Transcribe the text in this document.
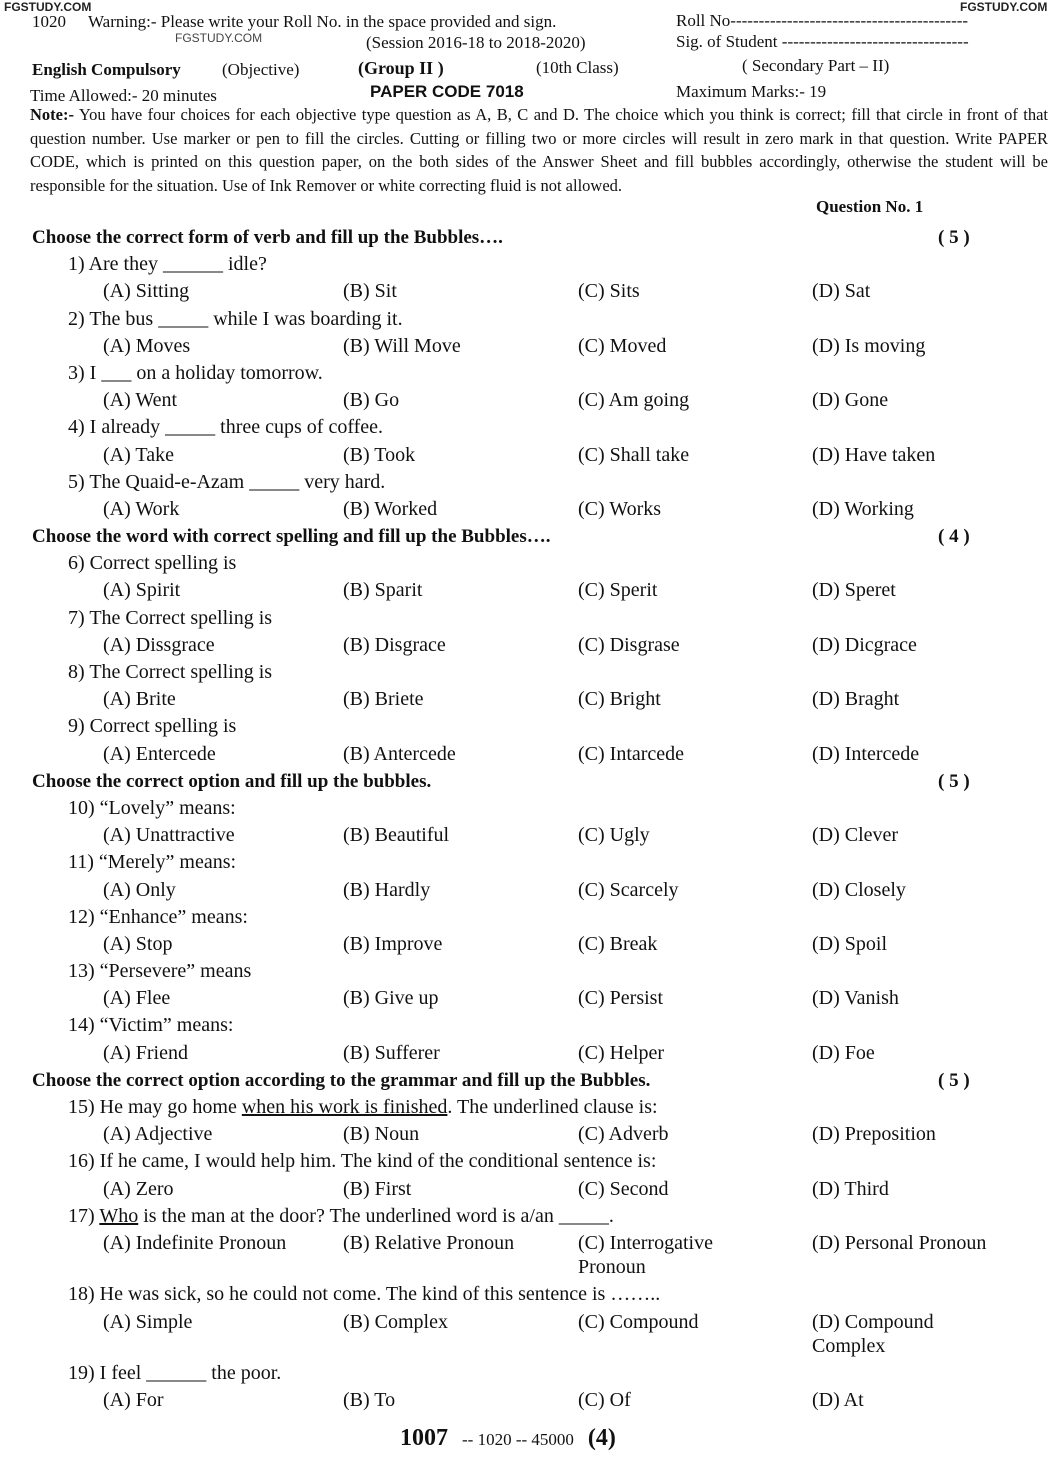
FGSTUDY.COM	FGSTUDY.COM
FGSTUDY.COM
1020 Warning:- Please write your Roll No. in the space provided and sign.
(Session 2016-18 to 2018-2020)
Roll No------------------------------------------
Sig. of Student ---------------------------------
English Compulsory (Objective)	(Group II )	(10th Class)	( Secondary Part – II)
Time Allowed:- 20 minutes	PAPER CODE 7018	Maximum Marks:- 19
Note:- You have four choices for each objective type question as A, B, C and D. The choice which you think is correct; fill that circle in front of that question number. Use marker or pen to fill the circles. Cutting or filling two or more circles will result in zero mark in that question. Write PAPER CODE, which is printed on this question paper, on the both sides of the Answer Sheet and fill bubbles accordingly, otherwise the student will be responsible for the situation. Use of Ink Remover or white correcting fluid is not allowed.
Question No. 1
Choose the correct form of verb and fill up the Bubbles….	( 5 )
1) Are they ______ idle?
(A) Sitting	(B) Sit	(C) Sits	(D) Sat
2) The bus _____ while I was boarding it.
(A) Moves	(B) Will Move	(C) Moved	(D) Is moving
3) I ___ on a holiday tomorrow.
(A) Went	(B) Go	(C) Am going	(D) Gone
4) I already _____ three cups of coffee.
(A) Take	(B) Took	(C) Shall take	(D) Have taken
5) The Quaid-e-Azam _____ very hard.
(A) Work	(B) Worked	(C) Works	(D) Working
Choose the word with correct spelling and fill up the Bubbles….	( 4 )
6) Correct spelling is
(A) Spirit	(B) Sparit	(C) Sperit	(D) Speret
7) The Correct spelling is
(A) Dissgrace	(B) Disgrace	(C) Disgrase	(D) Dicgrace
8) The Correct spelling is
(A) Brite	(B) Briete	(C) Bright	(D) Braght
9) Correct spelling is
(A) Entercede	(B) Antercede	(C) Intarcede	(D) Intercede
Choose the correct option and fill up the bubbles.	( 5 )
10) “Lovely” means:
(A) Unattractive	(B) Beautiful	(C) Ugly	(D) Clever
11) “Merely” means:
(A) Only	(B) Hardly	(C) Scarcely	(D) Closely
12) “Enhance” means:
(A) Stop	(B) Improve	(C) Break	(D) Spoil
13) “Persevere” means
(A) Flee	(B) Give up	(C) Persist	(D) Vanish
14) “Victim” means:
(A) Friend	(B) Sufferer	(C) Helper	(D) Foe
Choose the correct option according to the grammar and fill up the Bubbles.	( 5 )
15) He may go home when his work is finished. The underlined clause is:
(A) Adjective	(B) Noun	(C) Adverb	(D) Preposition
16) If he came, I would help him. The kind of the conditional sentence is:
(A) Zero	(B) First	(C) Second	(D) Third
17) Who is the man at the door? The underlined word is a/an _____.
(A) Indefinite Pronoun	(B) Relative Pronoun	(C) Interrogative	(D) Personal Pronoun
Pronoun
18) He was sick, so he could not come. The kind of this sentence is ……..
(A) Simple	(B) Complex	(C) Compound	(D) Compound
Complex
19) I feel ______ the poor.
(A) For	(B) To	(C) Of	(D) At
1007 -- 1020 -- 45000 (4)
